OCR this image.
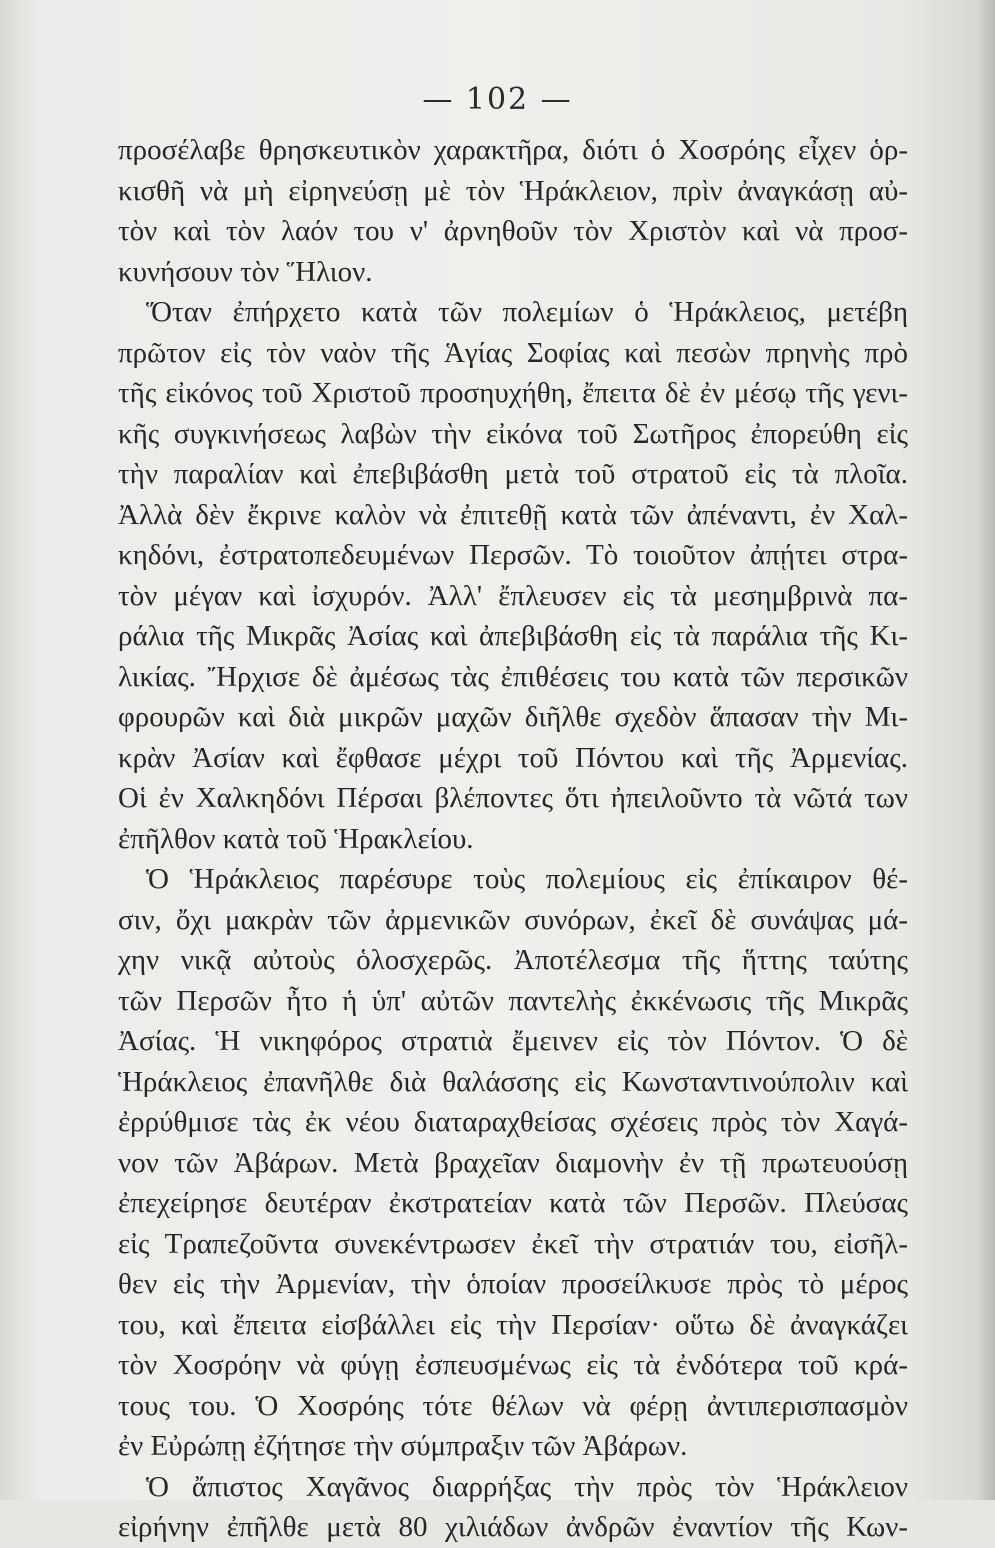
— 102 —
προσέλαβε θρησκευτικὸν χαρακτῆρα, διότι ὁ Χοσρόης εἶχεν ὁρ-
κισθῆ νὰ μὴ εἰρηνεύσῃ μὲ τὸν Ἡράκλειον, πρὶν ἀναγκάσῃ αὐ-
τὸν καὶ τὸν λαόν του ν' ἀρνηθοῦν τὸν Χριστὸν καὶ νὰ προσ-
κυνήσουν τὸν Ἥλιον.
Ὅταν ἐπήρχετο κατὰ τῶν πολεμίων ὁ Ἡράκλειος, μετέβη
πρῶτον εἰς τὸν ναὸν τῆς Ἁγίας Σοφίας καὶ πεσὼν πρηνὴς πρὸ
τῆς εἰκόνος τοῦ Χριστοῦ προσηυχήθη, ἔπειτα δὲ ἐν μέσῳ τῆς γενι-
κῆς συγκινήσεως λαβὼν τὴν εἰκόνα τοῦ Σωτῆρος ἐπορεύθη εἰς
τὴν παραλίαν καὶ ἐπεβιβάσθη μετὰ τοῦ στρατοῦ εἰς τὰ πλοῖα.
Ἀλλὰ δὲν ἔκρινε καλὸν νὰ ἐπιτεθῇ κατὰ τῶν ἀπέναντι, ἐν Χαλ-
κηδόνι, ἐστρατοπεδευμένων Περσῶν. Τὸ τοιοῦτον ἀπῄτει στρα-
τὸν μέγαν καὶ ἰσχυρόν. Ἀλλ' ἔπλευσεν εἰς τὰ μεσημβρινὰ πα-
ράλια τῆς Μικρᾶς Ἀσίας καὶ ἀπεβιβάσθη εἰς τὰ παράλια τῆς Κι-
λικίας. Ἤρχισε δὲ ἀμέσως τὰς ἐπιθέσεις του κατὰ τῶν περσικῶν
φρουρῶν καὶ διὰ μικρῶν μαχῶν διῆλθε σχεδὸν ἅπασαν τὴν Μι-
κρὰν Ἀσίαν καὶ ἔφθασε μέχρι τοῦ Πόντου καὶ τῆς Ἀρμενίας.
Οἱ ἐν Χαλκηδόνι Πέρσαι βλέποντες ὅτι ἠπειλοῦντο τὰ νῶτά των
ἐπῆλθον κατὰ τοῦ Ἡρακλείου.
Ὁ Ἡράκλειος παρέσυρε τοὺς πολεμίους εἰς ἐπίκαιρον θέ-
σιν, ὄχι μακρὰν τῶν ἀρμενικῶν συνόρων, ἐκεῖ δὲ συνάψας μά-
χην νικᾷ αὐτοὺς ὁλοσχερῶς. Ἀποτέλεσμα τῆς ἥττης ταύτης
τῶν Περσῶν ἦτο ἡ ὑπ' αὐτῶν παντελὴς ἐκκένωσις τῆς Μικρᾶς
Ἀσίας. Ἡ νικηφόρος στρατιὰ ἔμεινεν εἰς τὸν Πόντον. Ὁ δὲ
Ἡράκλειος ἐπανῆλθε διὰ θαλάσσης εἰς Κωνσταντινούπολιν καὶ
ἐρρύθμισε τὰς ἐκ νέου διαταραχθείσας σχέσεις πρὸς τὸν Χαγά-
νον τῶν Ἀβάρων. Μετὰ βραχεῖαν διαμονὴν ἐν τῇ πρωτευούσῃ
ἐπεχείρησε δευτέραν ἐκστρατείαν κατὰ τῶν Περσῶν. Πλεύσας
εἰς Τραπεζοῦντα συνεκέντρωσεν ἐκεῖ τὴν στρατιάν του, εἰσῆλ-
θεν εἰς τὴν Ἀρμενίαν, τὴν ὁποίαν προσείλκυσε πρὸς τὸ μέρος
του, καὶ ἔπειτα εἰσβάλλει εἰς τὴν Περσίαν· οὕτω δὲ ἀναγκάζει
τὸν Χοσρόην νὰ φύγῃ ἐσπευσμένως εἰς τὰ ἐνδότερα τοῦ κρά-
τους του. Ὁ Χοσρόης τότε θέλων νὰ φέρῃ ἀντιπερισπασμὸν
ἐν Εὐρώπῃ ἐζήτησε τὴν σύμπραξιν τῶν Ἀβάρων.
Ὁ ἄπιστος Χαγᾶνος διαρρήξας τὴν πρὸς τὸν Ἡράκλειον
εἰρήνην ἐπῆλθε μετὰ 80 χιλιάδων ἀνδρῶν ἐναντίον τῆς Κων-
